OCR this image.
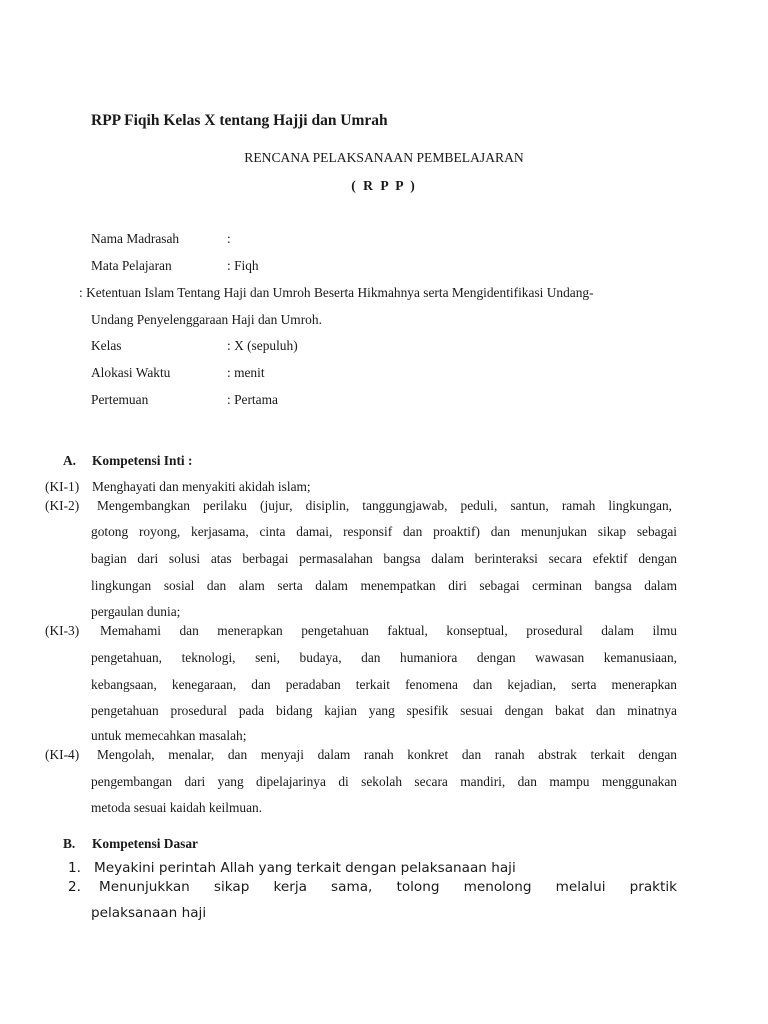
RPP Fiqih Kelas X tentang Hajji dan Umrah
RENCANA PELAKSANAAN PEMBELAJARAN
( R P P )
Nama Madrasah	:
Mata Pelajaran	: Fiqh
: Ketentuan Islam Tentang Haji dan Umroh Beserta Hikmahnya serta Mengidentifikasi Undang-
Undang Penyelenggaraan Haji dan Umroh.
Kelas	: X (sepuluh)
Alokasi Waktu	: menit
Pertemuan	: Pertama
A. Kompetensi Inti :
(KI-1) Menghayati dan menyakiti akidah islam;
(KI-2) Mengembangkan perilaku (jujur, disiplin, tanggungjawab, peduli, santun, ramah lingkungan,
gotong royong, kerjasama, cinta damai, responsif dan proaktif) dan menunjukan sikap sebagai
bagian dari solusi atas berbagai permasalahan bangsa dalam berinteraksi secara efektif dengan
lingkungan sosial dan alam serta dalam menempatkan diri sebagai cerminan bangsa dalam
pergaulan dunia;
(KI-3) Memahami dan menerapkan pengetahuan faktual, konseptual, prosedural dalam ilmu
pengetahuan, teknologi, seni, budaya, dan humaniora dengan wawasan kemanusiaan,
kebangsaan, kenegaraan, dan peradaban terkait fenomena dan kejadian, serta menerapkan
pengetahuan prosedural pada bidang kajian yang spesifik sesuai dengan bakat dan minatnya
untuk memecahkan masalah;
(KI-4) Mengolah, menalar, dan menyaji dalam ranah konkret dan ranah abstrak terkait dengan
pengembangan dari yang dipelajarinya di sekolah secara mandiri, dan mampu menggunakan
metoda sesuai kaidah keilmuan.
B. Kompetensi Dasar
1. Meyakini perintah Allah yang terkait dengan pelaksanaan haji
2. Menunjukkan sikap kerja sama, tolong menolong melalui praktik
pelaksanaan haji
